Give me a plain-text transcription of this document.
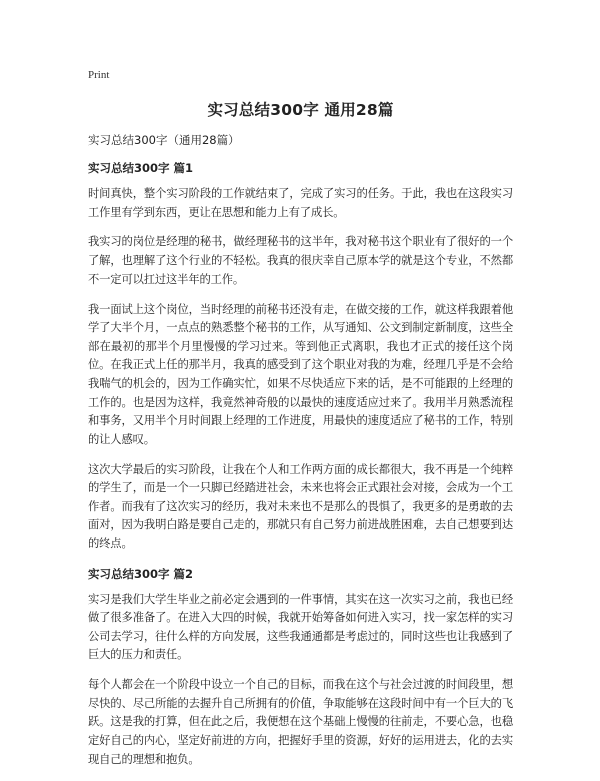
Print
实习总结300字 通用28篇
实习总结300字（通用28篇）
实习总结300字 篇1

时间真快，整个实习阶段的工作就结束了，完成了实习的任务。于此，我也在这段实习工作里有学到东西，更让在思想和能力上有了成长。

我实习的岗位是经理的秘书，做经理秘书的这半年，我对秘书这个职业有了很好的一个了解，也理解了这个行业的不轻松。我真的很庆幸自己原本学的就是这个专业，不然都不一定可以扛过这半年的工作。

我一面试上这个岗位，当时经理的前秘书还没有走，在做交接的工作，就这样我跟着他学了大半个月，一点点的熟悉整个秘书的工作，从写通知、公文到制定新制度，这些全部在最初的那半个月里慢慢的学习过来。等到他正式离职，我也才正式的接任这个岗位。在我正式上任的那半月，我真的感受到了这个职业对我的为难，经理几乎是不会给我喘气的机会的，因为工作确实忙，如果不尽快适应下来的话，是不可能跟的上经理的工作的。也是因为这样，我竟然神奇般的以最快的速度适应过来了。我用半月熟悉流程和事务，又用半个月时间跟上经理的工作进度，用最快的速度适应了秘书的工作，特别的让人感叹。

这次大学最后的实习阶段，让我在个人和工作两方面的成长都很大，我不再是一个纯粹的学生了，而是一个一只脚已经踏进社会，未来也将会正式跟社会对接，会成为一个工作者。而我有了这次实习的经历，我对未来也不是那么的畏惧了，我更多的是勇敢的去面对，因为我明白路是要自己走的，那就只有自己努力前进战胜困难，去自己想要到达的终点。

实习总结300字 篇2

实习是我们大学生毕业之前必定会遇到的一件事情，其实在这一次实习之前，我也已经做了很多准备了。在进入大四的时候，我就开始筹备如何进入实习，找一家怎样的实习公司去学习，往什么样的方向发展，这些我通通都是考虑过的，同时这些也让我感到了巨大的压力和责任。

每个人都会在一个阶段中设立一个自己的目标，而我在这个与社会过渡的时间段里，想尽快的、尽己所能的去握升自己所拥有的价值，争取能够在这段时间中有一个巨大的飞跃。这是我的打算，但在此之后，我便想在这个基础上慢慢的往前走，不要心急，也稳定好自己的内心，坚定好前进的方向，把握好手里的资源，好好的运用进去，化的去实现自己的理想和抱负。
